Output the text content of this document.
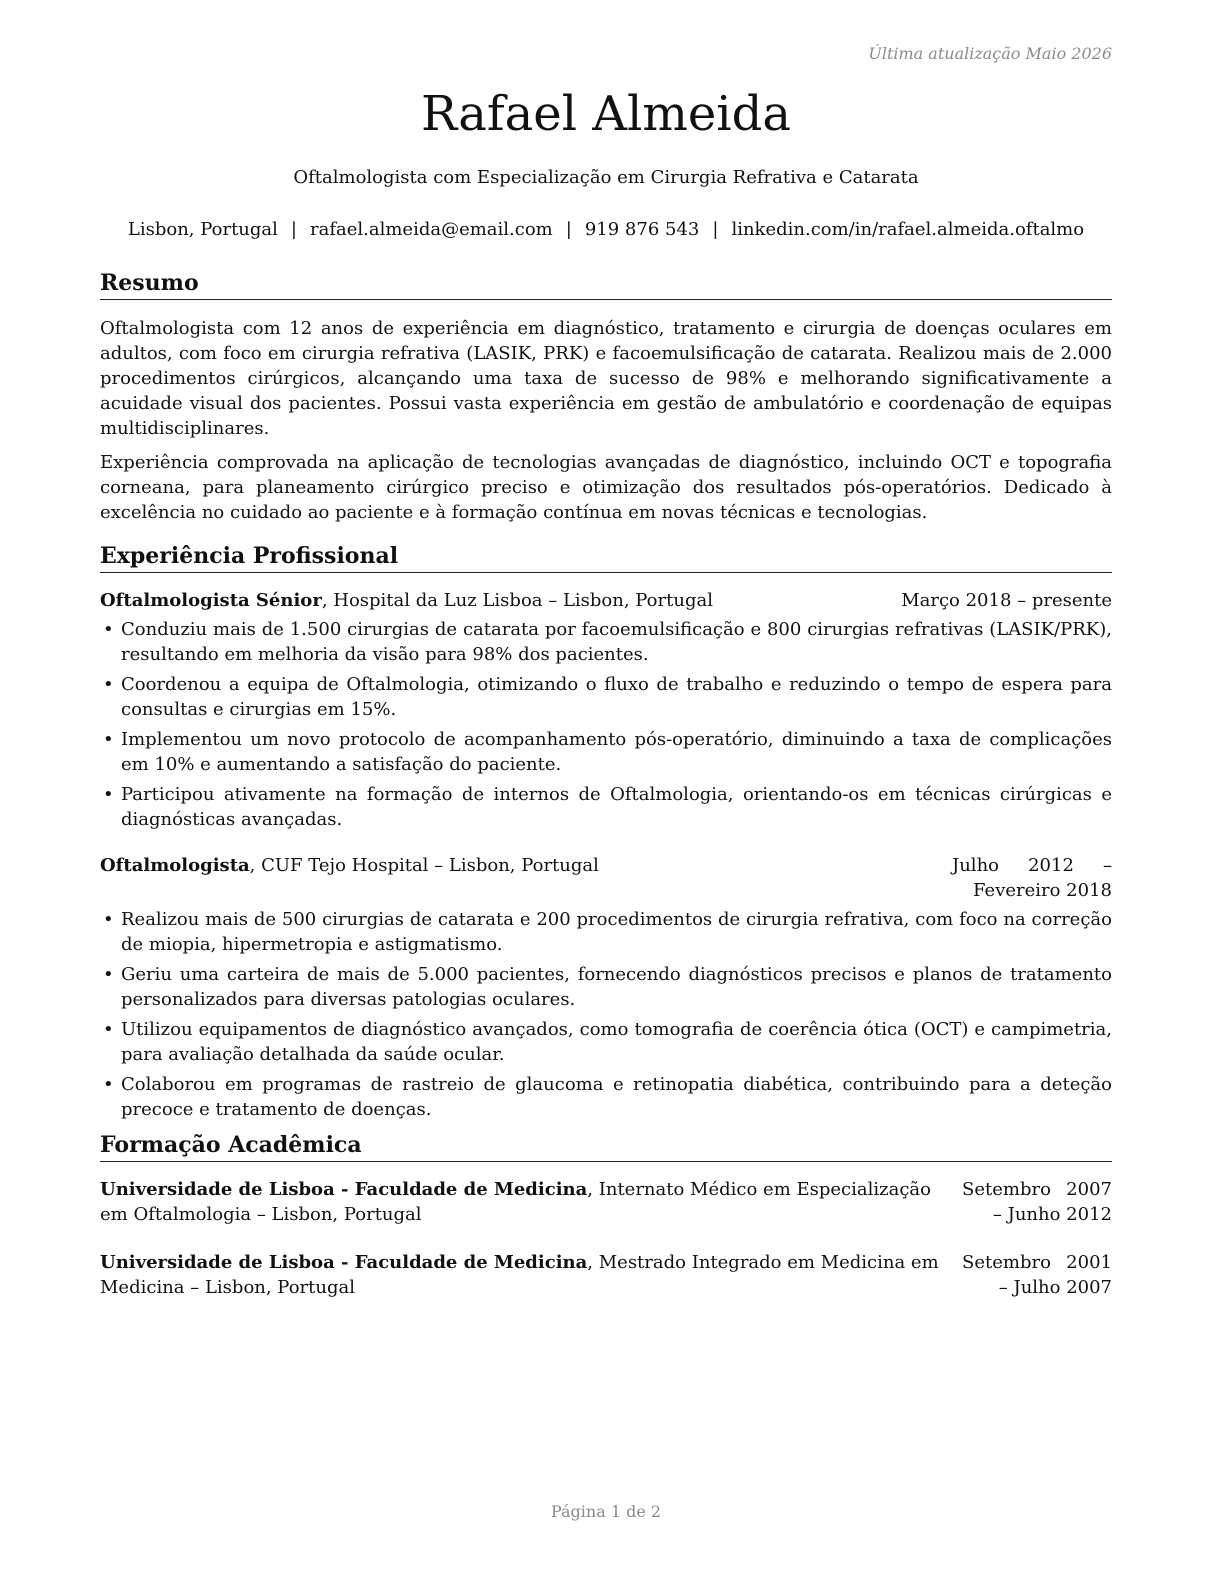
Última atualização Maio 2026
Rafael Almeida
Oftalmologista com Especialização em Cirurgia Refrativa e Catarata
Lisbon, Portugal | rafael.almeida@email.com | 919 876 543 | linkedin.com/in/rafael.almeida.oftalmo
Resumo

Oftalmologista com 12 anos de experiência em diagnóstico, tratamento e cirurgia de doenças oculares em adultos, com foco em cirurgia refrativa (LASIK, PRK) e facoemulsificação de catarata. Realizou mais de 2.000 procedimentos cirúrgicos, alcançando uma taxa de sucesso de 98% e melhorando significativamente a acuidade visual dos pacientes. Possui vasta experiência em gestão de ambulatório e coordenação de equipas multidisciplinares.

Experiência comprovada na aplicação de tecnologias avançadas de diagnóstico, incluindo OCT e topografia corneana, para planeamento cirúrgico preciso e otimização dos resultados pós-operatórios. Dedicado à excelência no cuidado ao paciente e à formação contínua em novas técnicas e tecnologias.

Experiência Profissional
Oftalmologista Sénior, Hospital da Luz Lisboa – Lisbon, Portugal	Março 2018 – presente
• Conduziu mais de 1.500 cirurgias de catarata por facoemulsificação e 800 cirurgias refrativas (LASIK/PRK), resultando em melhoria da visão para 98% dos pacientes.
• Coordenou a equipa de Oftalmologia, otimizando o fluxo de trabalho e reduzindo o tempo de espera para consultas e cirurgias em 15%.
• Implementou um novo protocolo de acompanhamento pós-operatório, diminuindo a taxa de complicações em 10% e aumentando a satisfação do paciente.
• Participou ativamente na formação de internos de Oftalmologia, orientando-os em técnicas cirúrgicas e diagnósticas avançadas.
Oftalmologista, CUF Tejo Hospital – Lisbon, Portugal	Julho 2012 – Fevereiro 2018
• Realizou mais de 500 cirurgias de catarata e 200 procedimentos de cirurgia refrativa, com foco na correção de miopia, hipermetropia e astigmatismo.
• Geriu uma carteira de mais de 5.000 pacientes, fornecendo diagnósticos precisos e planos de tratamento personalizados para diversas patologias oculares.
• Utilizou equipamentos de diagnóstico avançados, como tomografia de coerência ótica (OCT) e campimetria, para avaliação detalhada da saúde ocular.
• Colaborou em programas de rastreio de glaucoma e retinopatia diabética, contribuindo para a deteção precoce e tratamento de doenças.
Formação Acadêmica
Universidade de Lisboa - Faculdade de Medicina, Internato Médico em Especialização em Oftalmologia – Lisbon, Portugal
Setembro 2007 – Junho 2012
Universidade de Lisboa - Faculdade de Medicina, Mestrado Integrado em Medicina em Medicina – Lisbon, Portugal
Setembro 2001 – Julho 2007
Página 1 de 2
